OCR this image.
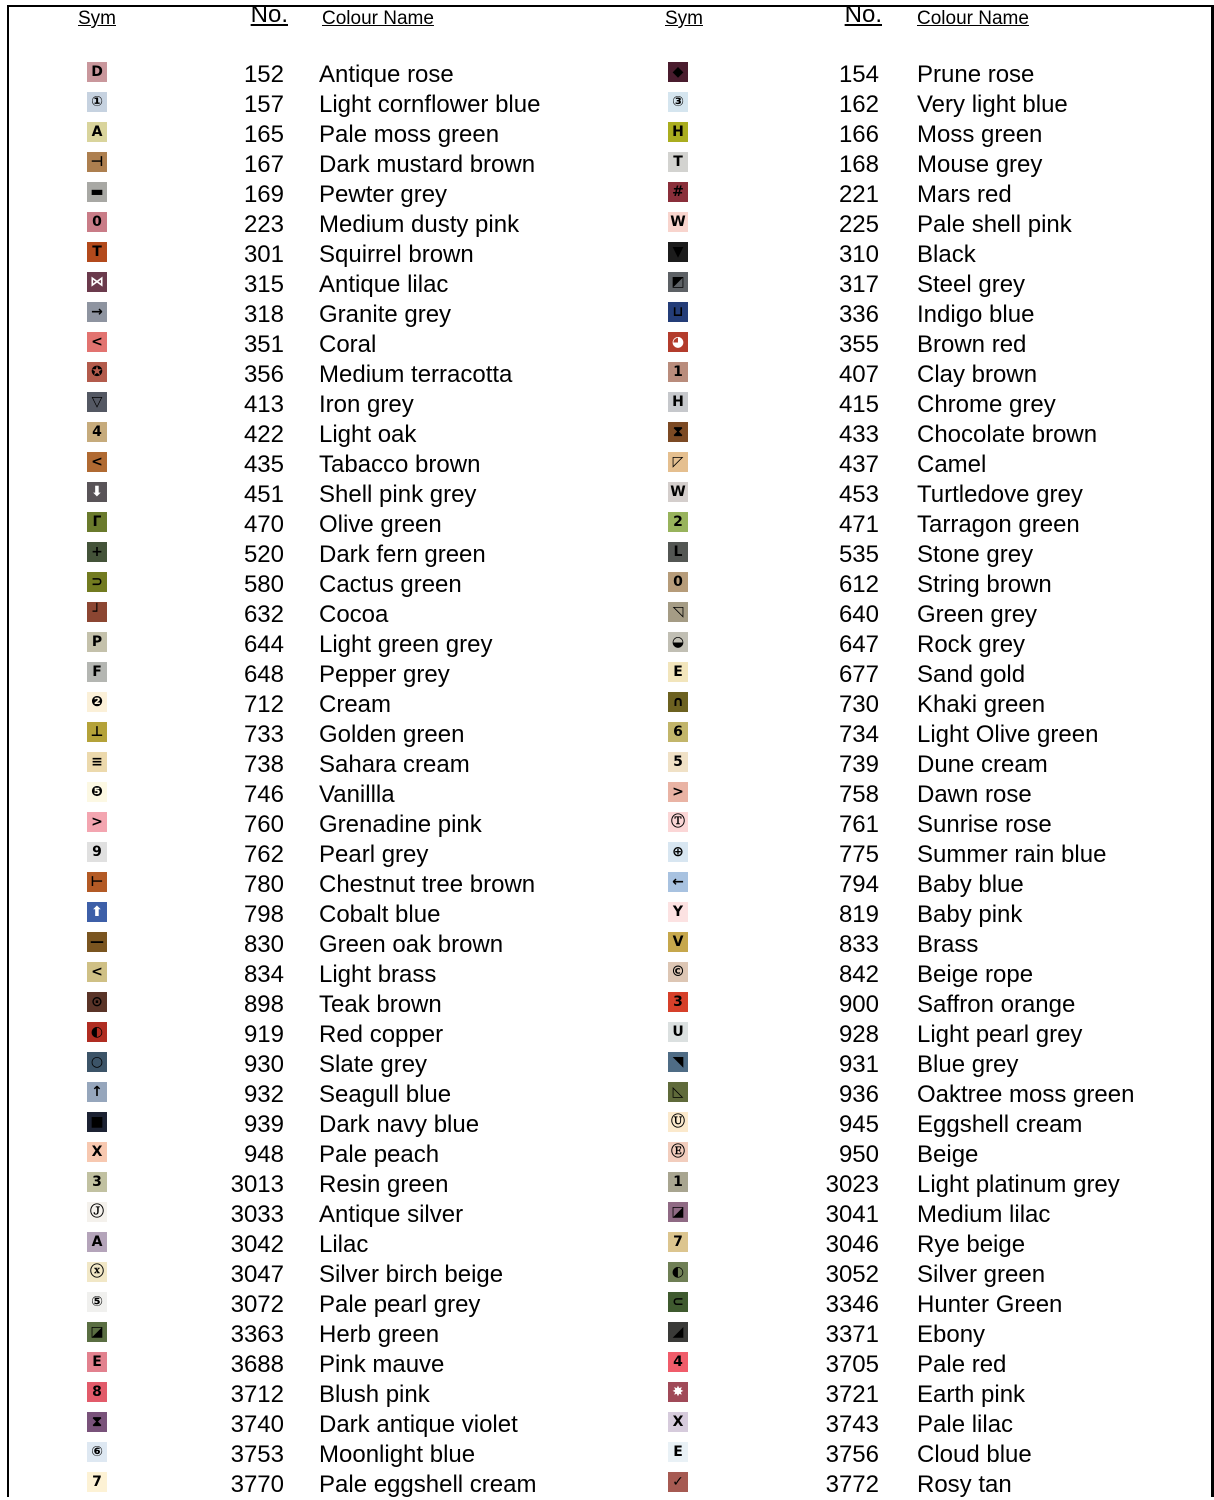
Sym	No. Colour Name	Sym	No. Colour Name
D	152 Antique rose
①	157 Light cornflower blue
A	165 Pale moss green
⊣	167 Dark mustard brown
▬	169 Pewter grey
0	223 Medium dusty pink
T	301 Squirrel brown
⋈	315 Antique lilac
→	318 Granite grey
<	351 Coral
✪	356 Medium terracotta
▽	413 Iron grey
4	422 Light oak
<	435 Tabacco brown
⬇	451 Shell pink grey
Γ	470 Olive green
+	520 Dark fern green
⊃	580 Cactus green
┘	632 Cocoa
P	644 Light green grey
F	648 Pepper grey
❷	712 Cream
⊥	733 Golden green
≡	738 Sahara cream
❺	746 Vanillla
>	760 Grenadine pink
9	762 Pearl grey
⊢	780 Chestnut tree brown
⬆	798 Cobalt blue
—	830 Green oak brown
<	834 Light brass
⊙	898 Teak brown
◐	919 Red copper
○	930 Slate grey
↑	932 Seagull blue
■	939 Dark navy blue
X	948 Pale peach
3	3013 Resin green
Ⓙ	3033 Antique silver
A	3042 Lilac
ⓧ	3047 Silver birch beige
⑤	3072 Pale pearl grey
◪	3363 Herb green
E	3688 Pink mauve
8	3712 Blush pink
⧗	3740 Dark antique violet
⑥	3753 Moonlight blue
7	3770 Pale eggshell cream
◆	154 Prune rose
③	162 Very light blue
H	166 Moss green
T	168 Mouse grey
#	221 Mars red
W	225 Pale shell pink
▼	310 Black
◩	317 Steel grey
⊔	336 Indigo blue
◕	355 Brown red
1	407 Clay brown
H	415 Chrome grey
⧗	433 Chocolate brown
◸	437 Camel
W	453 Turtledove grey
2	471 Tarragon green
L	535 Stone grey
0	612 String brown
◹	640 Green grey
◒	647 Rock grey
E	677 Sand gold
∩	730 Khaki green
6	734 Light Olive green
5	739 Dune cream
>	758 Dawn rose
Ⓣ	761 Sunrise rose
⊕	775 Summer rain blue
←	794 Baby blue
Y	819 Baby pink
V	833 Brass
©	842 Beige rope
3	900 Saffron orange
U	928 Light pearl grey
◥	931 Blue grey
◺	936 Oaktree moss green
Ⓤ	945 Eggshell cream
Ⓔ	950 Beige
1	3023 Light platinum grey
◪	3041 Medium lilac
7	3046 Rye beige
◐	3052 Silver green
⊂	3346 Hunter Green
◢	3371 Ebony
4	3705 Pale red
✸	3721 Earth pink
X	3743 Pale lilac
E	3756 Cloud blue
✓	3772 Rosy tan
